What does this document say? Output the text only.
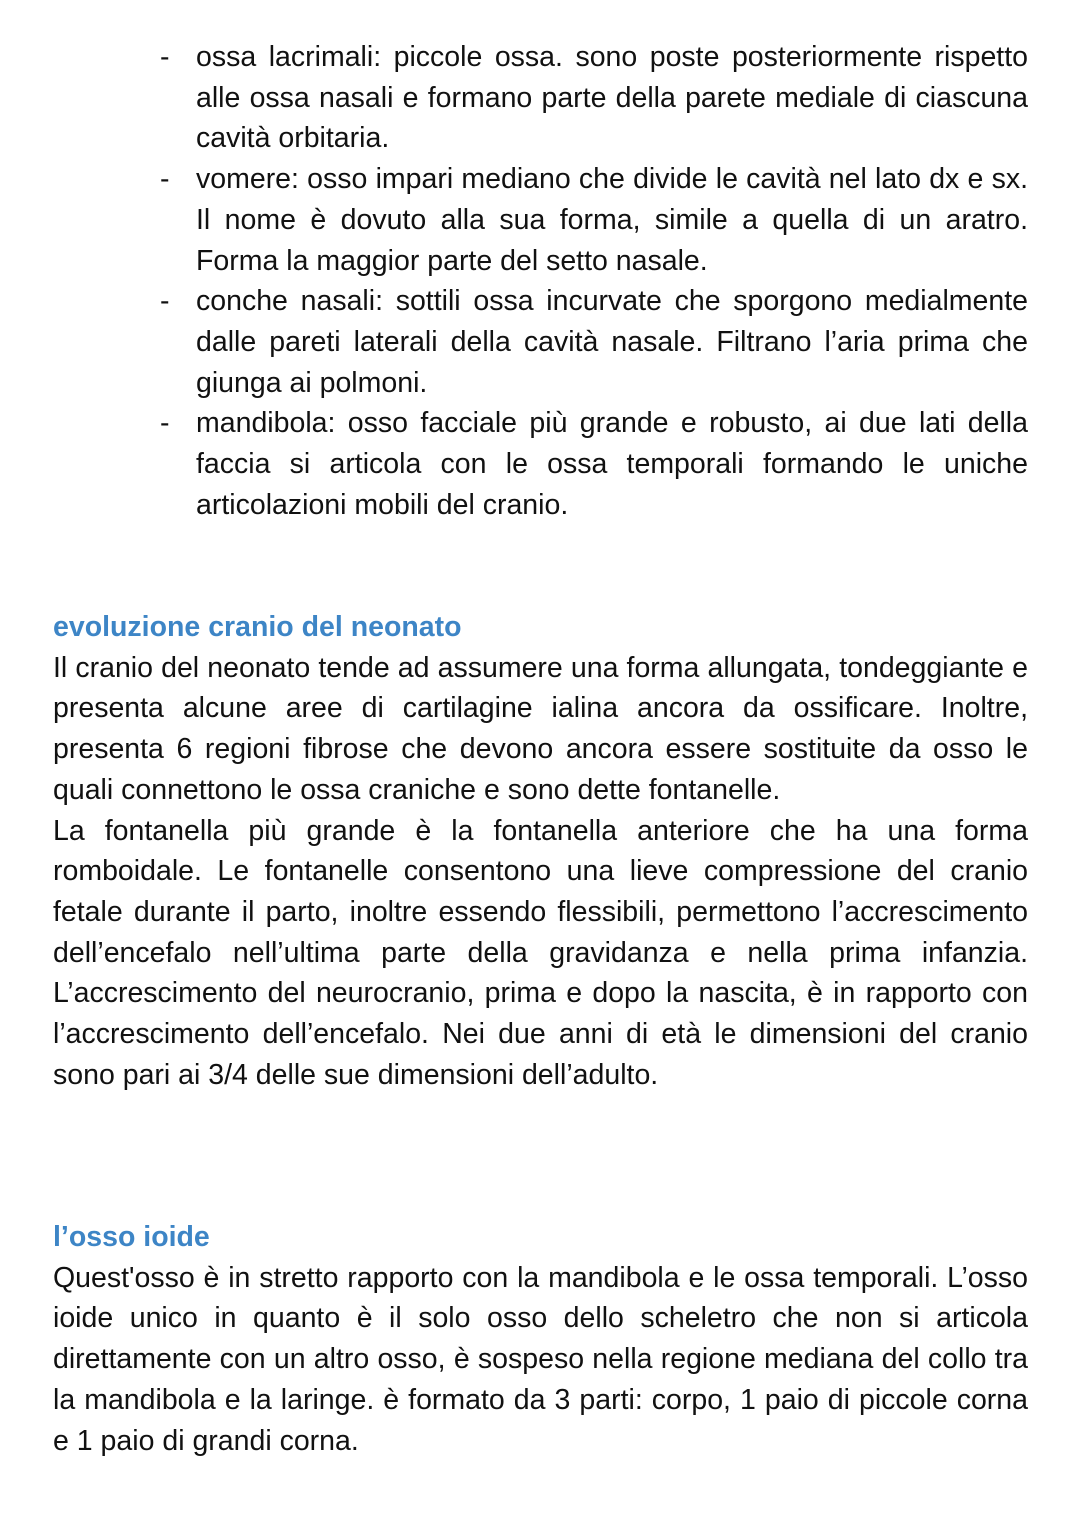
- ossa lacrimali: piccole ossa. sono poste posteriormente rispetto alle ossa nasali e formano parte della parete mediale di ciascuna cavità orbitaria.
- vomere: osso impari mediano che divide le cavità nel lato dx e sx. Il nome è dovuto alla sua forma, simile a quella di un aratro. Forma la maggior parte del setto nasale.
- conche nasali: sottili ossa incurvate che sporgono medialmente dalle pareti laterali della cavità nasale. Filtrano l’aria prima che giunga ai polmoni.
- mandibola: osso facciale più grande e robusto, ai due lati della faccia si articola con le ossa temporali formando le uniche articolazioni mobili del cranio.
evoluzione cranio del neonato

Il cranio del neonato tende ad assumere una forma allungata, tondeggiante e presenta alcune aree di cartilagine ialina ancora da ossificare. Inoltre, presenta 6 regioni fibrose che devono ancora essere sostituite da osso le quali connettono le ossa craniche e sono dette fontanelle.

La fontanella più grande è la fontanella anteriore che ha una forma romboidale. Le fontanelle consentono una lieve compressione del cranio fetale durante il parto, inoltre essendo flessibili, permettono l’accrescimento dell’encefalo nell’ultima parte della gravidanza e nella prima infanzia. L’accrescimento del neurocranio, prima e dopo la nascita, è in rapporto con l’accrescimento dell’encefalo. Nei due anni di età le dimensioni del cranio sono pari ai 3/4 delle sue dimensioni dell’adulto.

l’osso ioide

Quest'osso è in stretto rapporto con la mandibola e le ossa temporali. L’osso ioide unico in quanto è il solo osso dello scheletro che non si articola direttamente con un altro osso, è sospeso nella regione mediana del collo tra la mandibola e la laringe. è formato da 3 parti: corpo, 1 paio di piccole corna e 1 paio di grandi corna.
